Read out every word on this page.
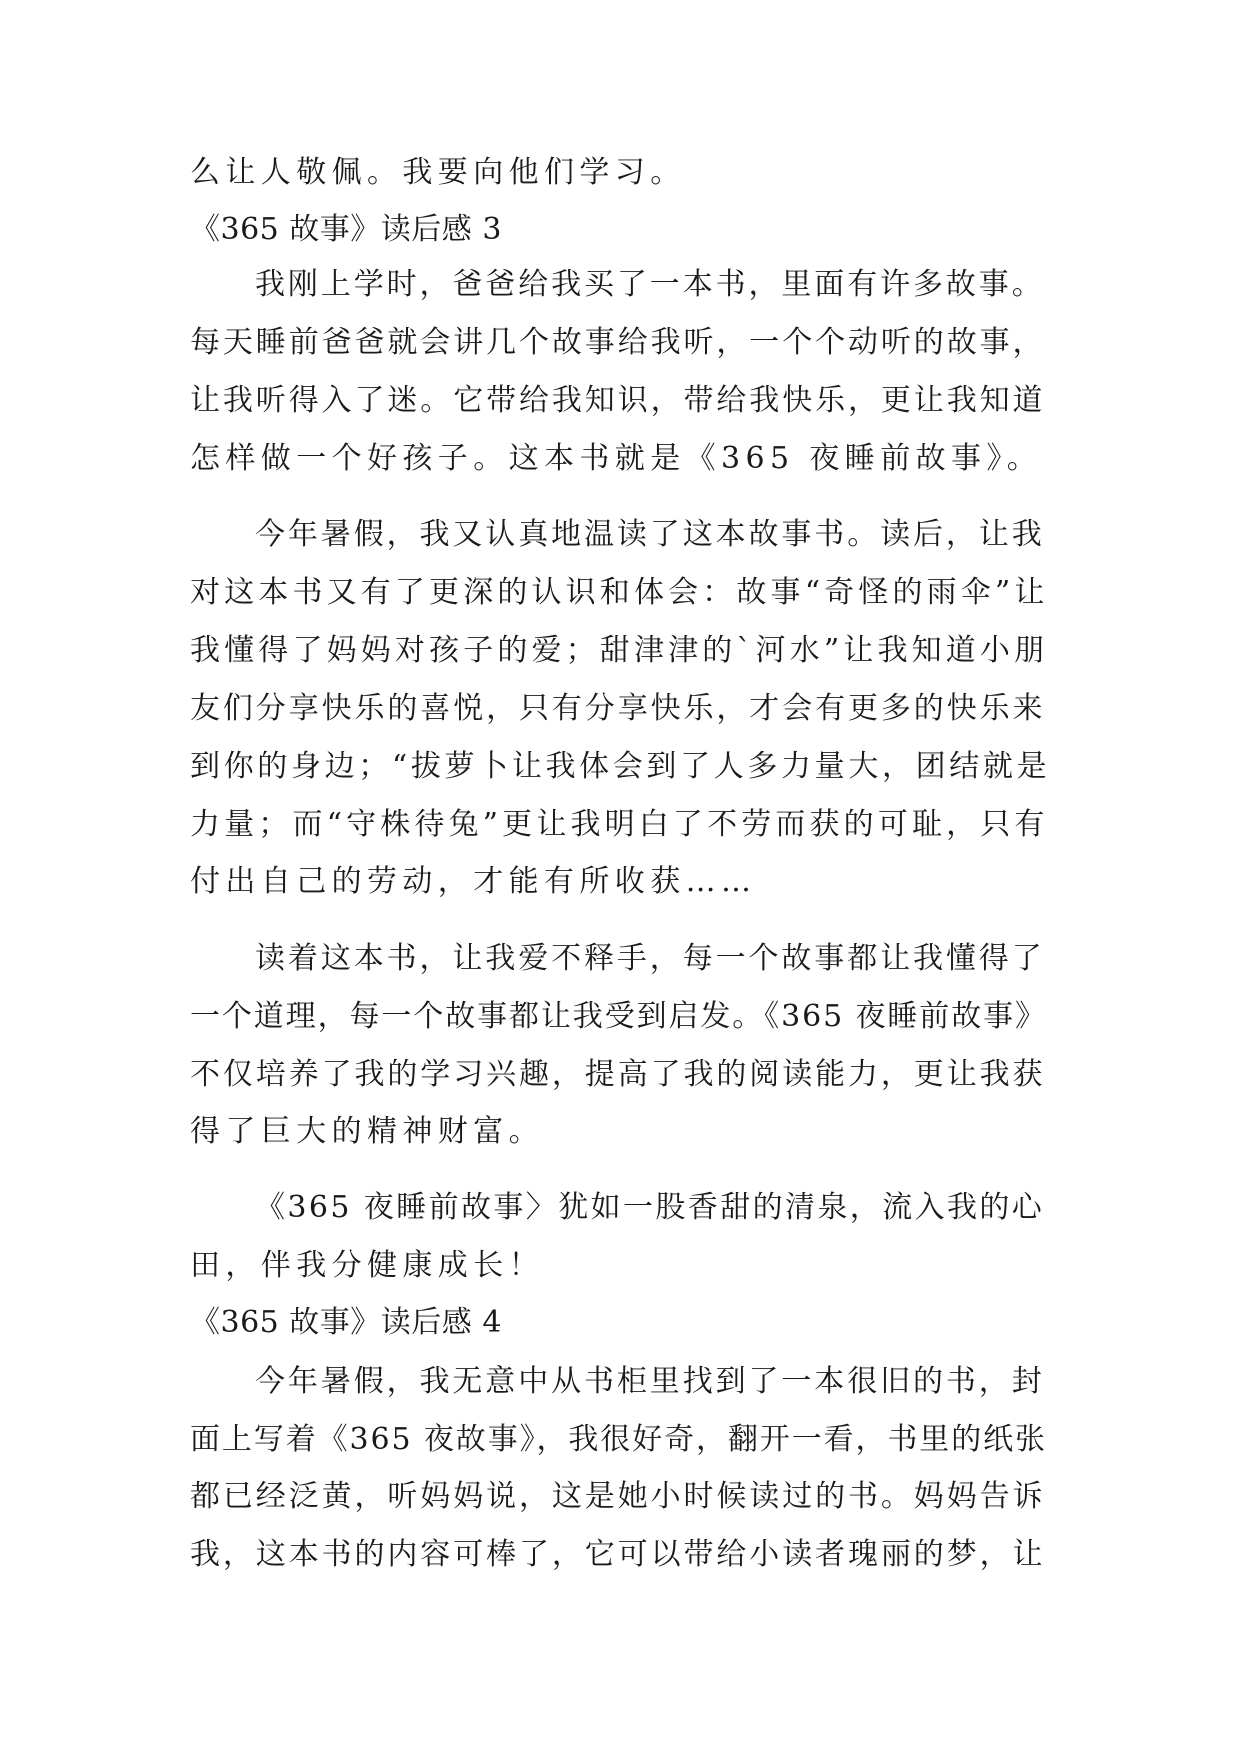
么让人敬佩。我要向他们学习。
《365 故事》读后感 3
我刚上学时，爸爸给我买了一本书，里面有许多故事。
每天睡前爸爸就会讲几个故事给我听，一个个动听的故事，
让我听得入了迷。它带给我知识，带给我快乐，更让我知道
怎样做一个好孩子。这本书就是《365 夜睡前故事》。
今年暑假，我又认真地温读了这本故事书。读后，让我
对这本书又有了更深的认识和体会：故事“奇怪的雨伞”让
我懂得了妈妈对孩子的爱；甜津津的`河水”让我知道小朋
友们分享快乐的喜悦，只有分享快乐，才会有更多的快乐来
到你的身边；“拔萝卜让我体会到了人多力量大，团结就是
力量；而“守株待兔”更让我明白了不劳而获的可耻，只有
付出自己的劳动，才能有所收获……
读着这本书，让我爱不释手，每一个故事都让我懂得了
一个道理，每一个故事都让我受到启发。《365 夜睡前故事》
不仅培养了我的学习兴趣，提高了我的阅读能力，更让我获
得了巨大的精神财富。
《365 夜睡前故事〉犹如一股香甜的清泉，流入我的心
田，伴我分健康成长！
《365 故事》读后感 4
今年暑假，我无意中从书柜里找到了一本很旧的书，封
面上写着《365 夜故事》，我很好奇，翻开一看，书里的纸张
都已经泛黄，听妈妈说，这是她小时候读过的书。妈妈告诉
我，这本书的内容可棒了，它可以带给小读者瑰丽的梦，让
